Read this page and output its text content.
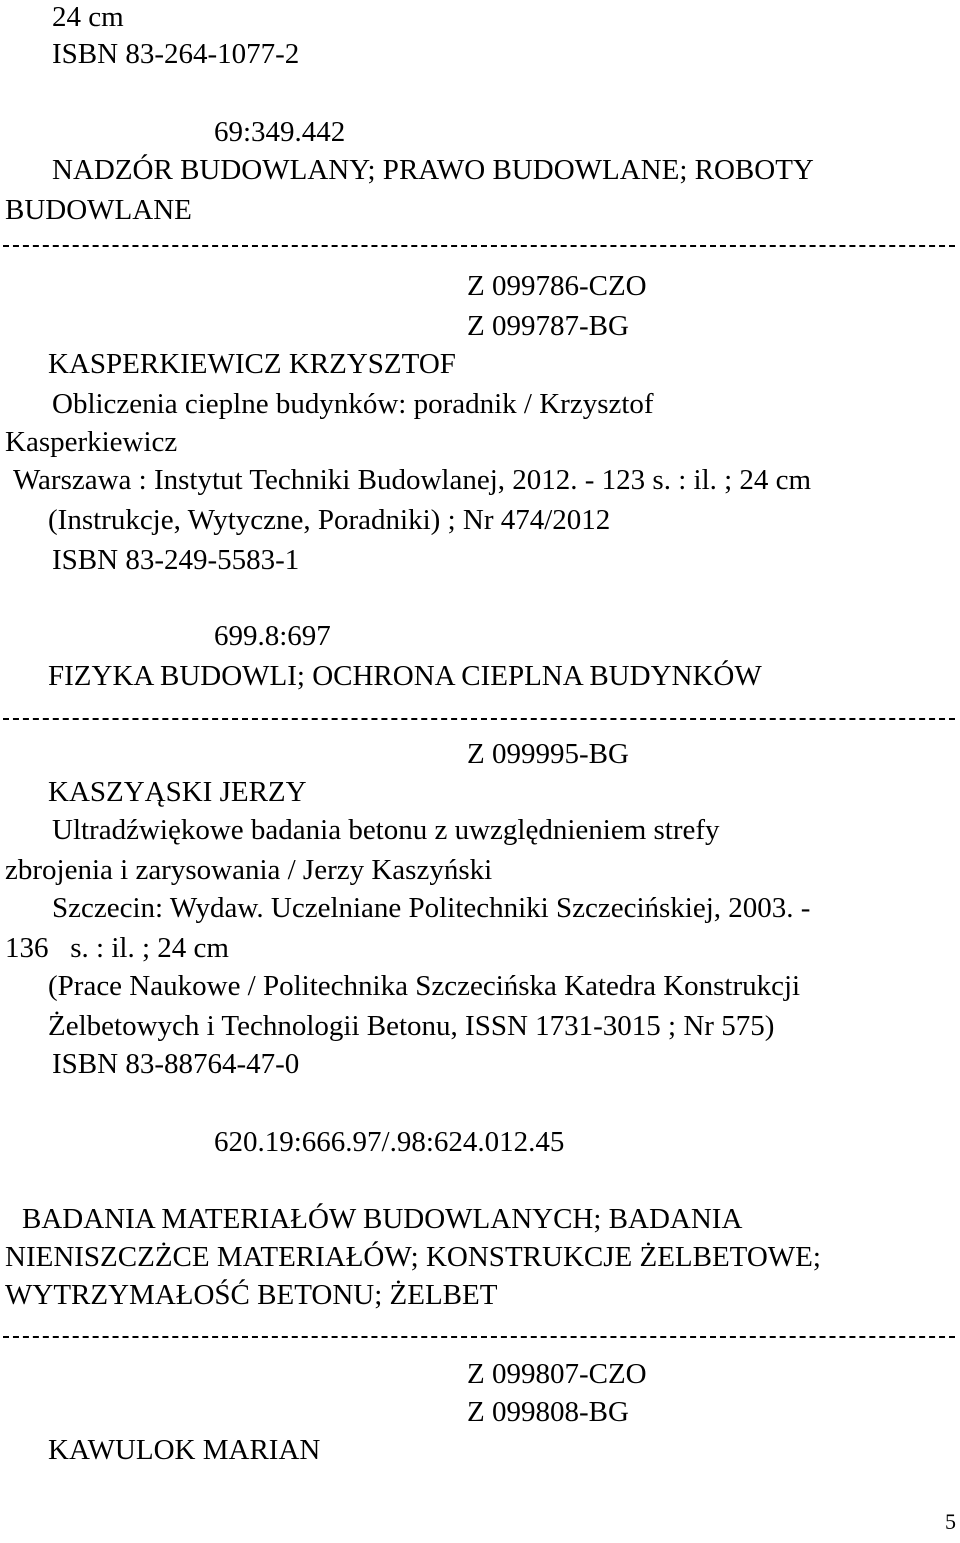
24 cm
ISBN 83-264-1077-2
69:349.442
NADZÓR BUDOWLANY; PRAWO BUDOWLANE; ROBOTY
BUDOWLANE
Z 099786-CZO
Z 099787-BG
KASPERKIEWICZ KRZYSZTOF
Obliczenia cieplne budynków: poradnik / Krzysztof
Kasperkiewicz
Warszawa : Instytut Techniki Budowlanej, 2012. - 123 s. : il. ; 24 cm
(Instrukcje, Wytyczne, Poradniki) ; Nr 474/2012
ISBN 83-249-5583-1
699.8:697
FIZYKA BUDOWLI; OCHRONA CIEPLNA BUDYNKÓW
Z 099995-BG
KASZYĄSKI JERZY
Ultradźwiękowe badania betonu z uwzględnieniem strefy
zbrojenia i zarysowania / Jerzy Kaszyński
Szczecin: Wydaw. Uczelniane Politechniki Szczecińskiej, 2003. -
136   s. : il. ; 24 cm
(Prace Naukowe / Politechnika Szczecińska Katedra Konstrukcji
Żelbetowych i Technologii Betonu, ISSN 1731-3015 ; Nr 575)
ISBN 83-88764-47-0
620.19:666.97/.98:624.012.45
BADANIA MATERIAŁÓW BUDOWLANYCH; BADANIA
NIENISZCZŻCE MATERIAŁÓW; KONSTRUKCJE ŻELBETOWE;
WYTRZYMAŁOŚĆ BETONU; ŻELBET
Z 099807-CZO
Z 099808-BG
KAWULOK MARIAN
5
